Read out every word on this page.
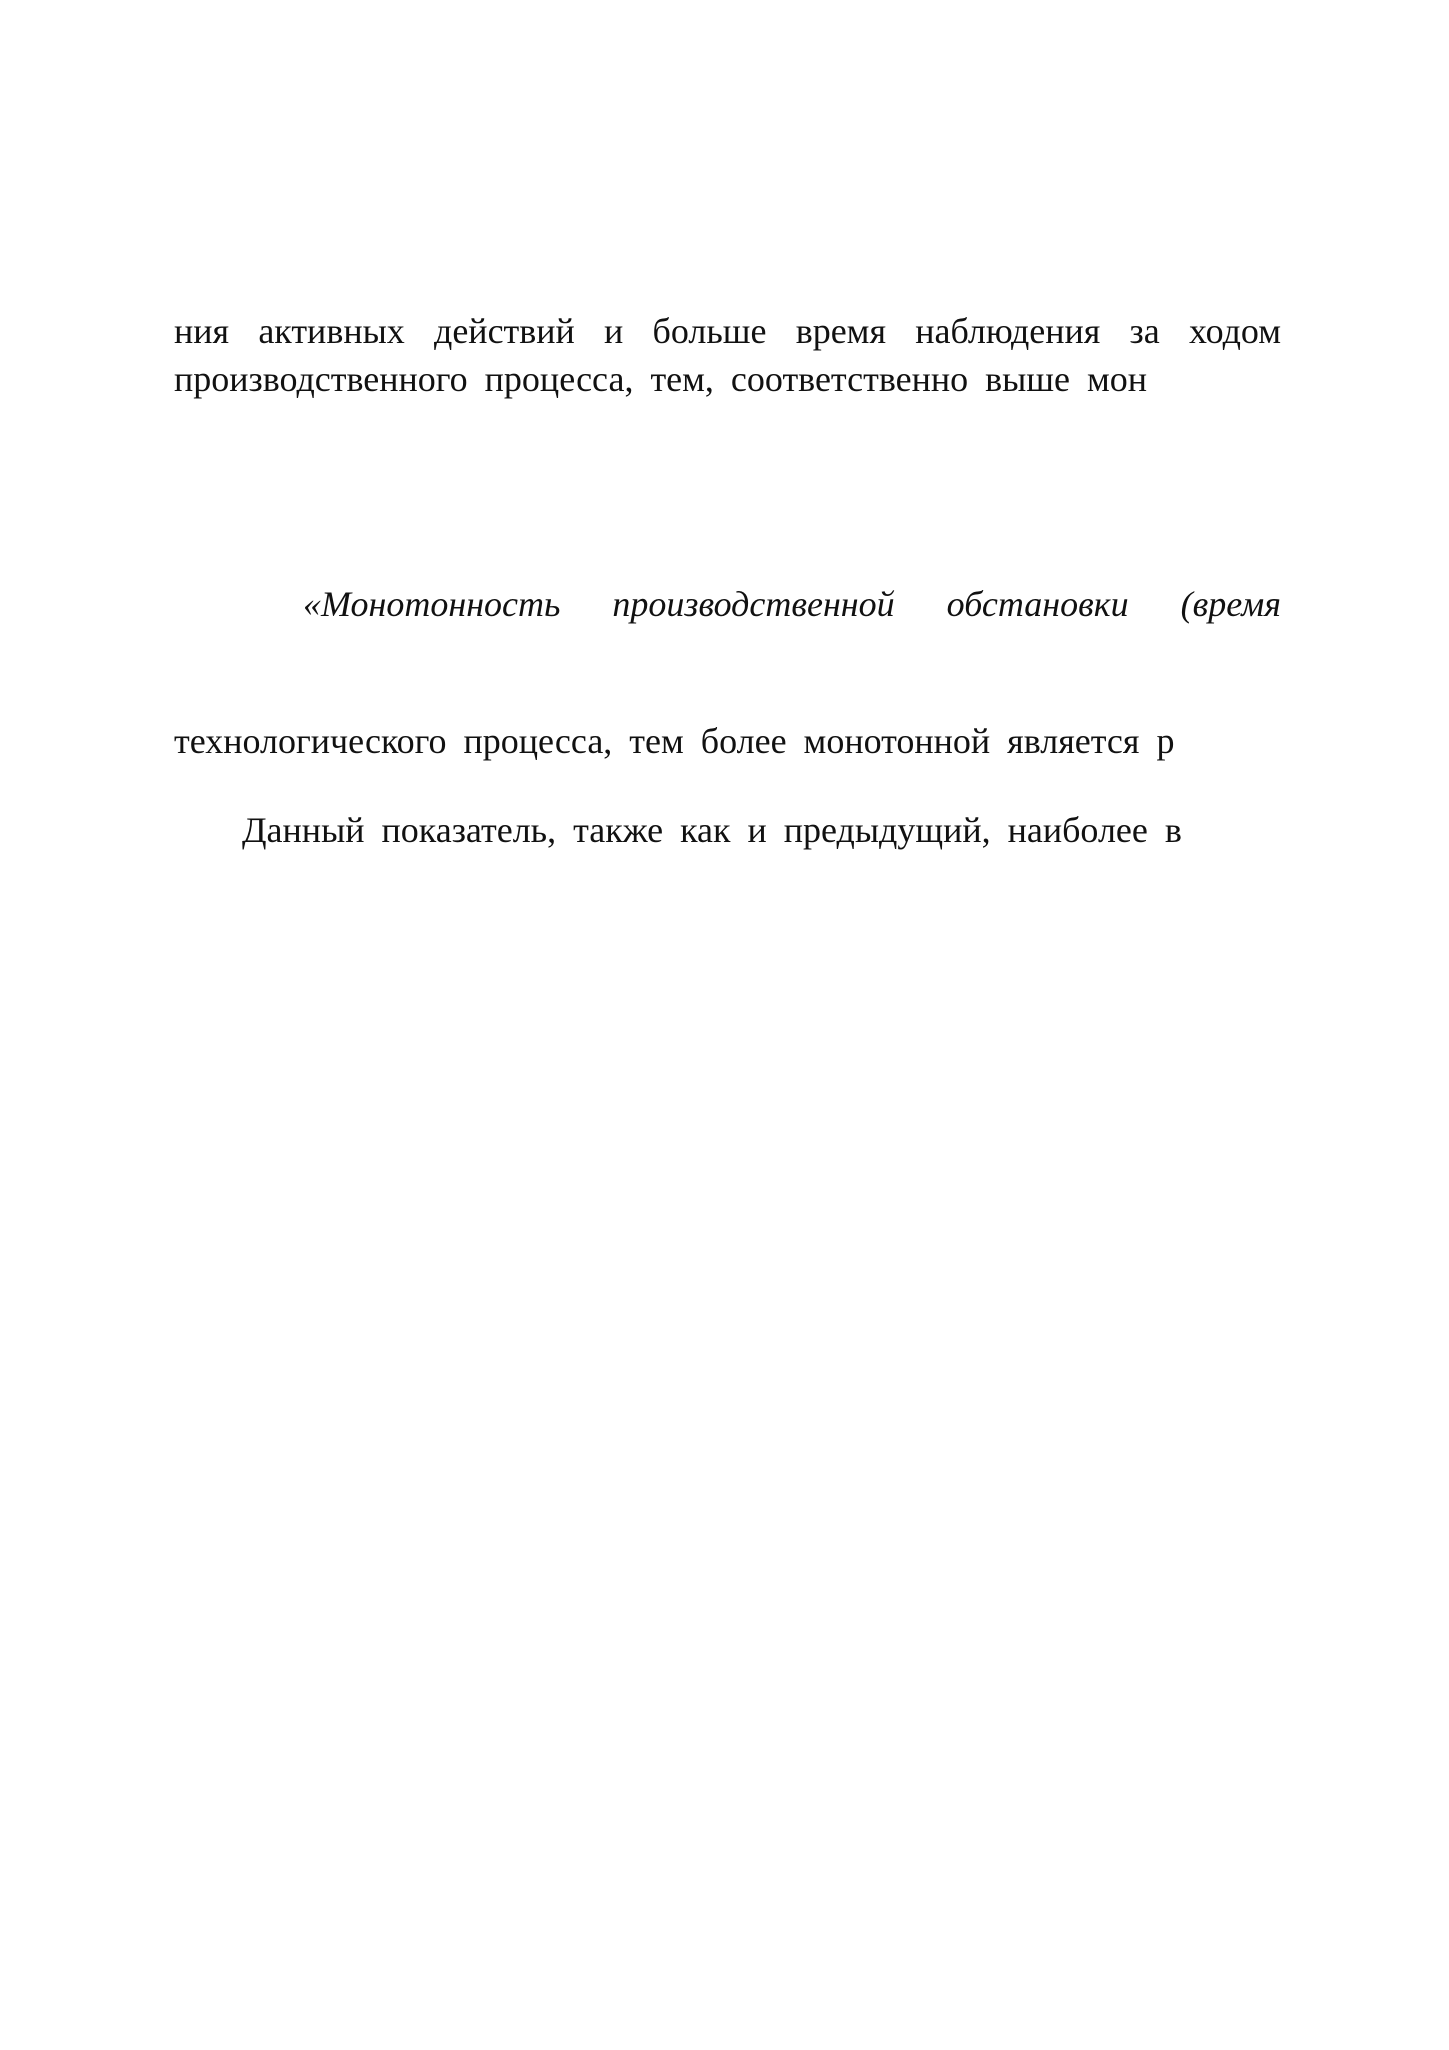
ния активных действий и больше время наблюдения за ходом
производственного процесса, тем, соответственно выше мон
«Монотонность производственной обстановки (время
технологического процесса, тем более монотонной является р
Данный показатель, также как и предыдущий, наиболее в
